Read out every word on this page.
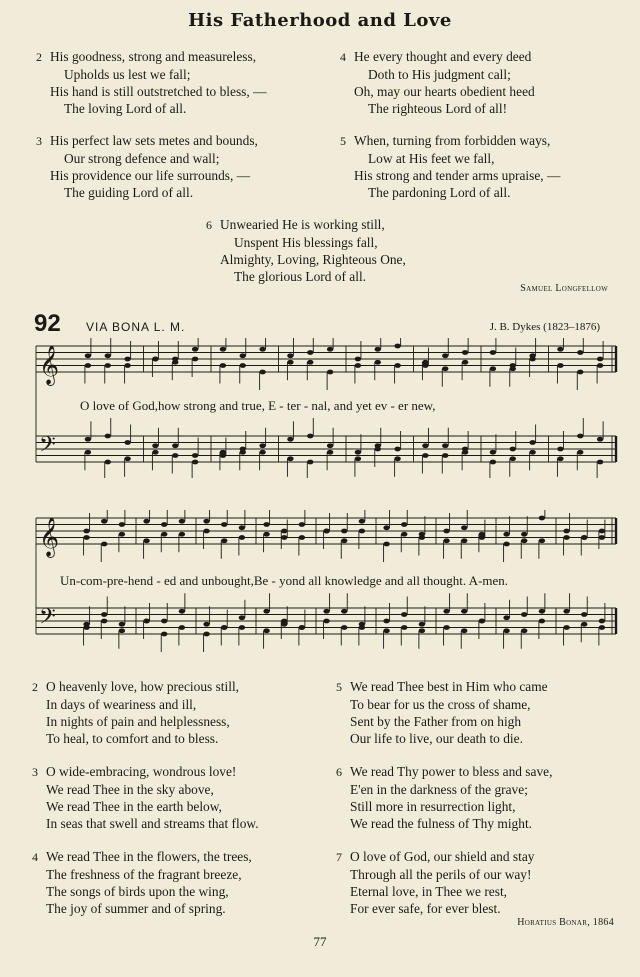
His Fatherhood and Love
2 His goodness, strong and measureless,
Upholds us lest we fall;
His hand is still outstretched to bless, —
The loving Lord of all.
4 He every thought and every deed
Doth to His judgment call;
Oh, may our hearts obedient heed
The righteous Lord of all!
3 His perfect law sets metes and bounds,
Our strong defence and wall;
His providence our life surrounds, —
The guiding Lord of all.
5 When, turning from forbidden ways,
Low at His feet we fall,
His strong and tender arms upraise, —
The pardoning Lord of all.
6 Unwearied He is working still,
Unspent His blessings fall,
Almighty, Loving, Righteous One,
The glorious Lord of all.
Samuel Longfellow
92 VIA BONA L. M.	J. B. Dykes (1823–1876)
𝄞
𝄢
O love of God,how strong and true, E - ter - nal, and yet ev - er new,
𝄞
𝄢
Un-com-pre-hend - ed and unbought,Be - yond all knowledge and all thought. A-men.
2 O heavenly love, how precious still,
In days of weariness and ill,
In nights of pain and helplessness,
To heal, to comfort and to bless.
5 We read Thee best in Him who came
To bear for us the cross of shame,
Sent by the Father from on high
Our life to live, our death to die.
3 O wide-embracing, wondrous love!
We read Thee in the sky above,
We read Thee in the earth below,
In seas that swell and streams that flow.
6 We read Thy power to bless and save,
E'en in the darkness of the grave;
Still more in resurrection light,
We read the fulness of Thy might.
4 We read Thee in the flowers, the trees,
The freshness of the fragrant breeze,
The songs of birds upon the wing,
The joy of summer and of spring.
7 O love of God, our shield and stay
Through all the perils of our way!
Eternal love, in Thee we rest,
For ever safe, for ever blest.
Horatius Bonar, 1864
77
